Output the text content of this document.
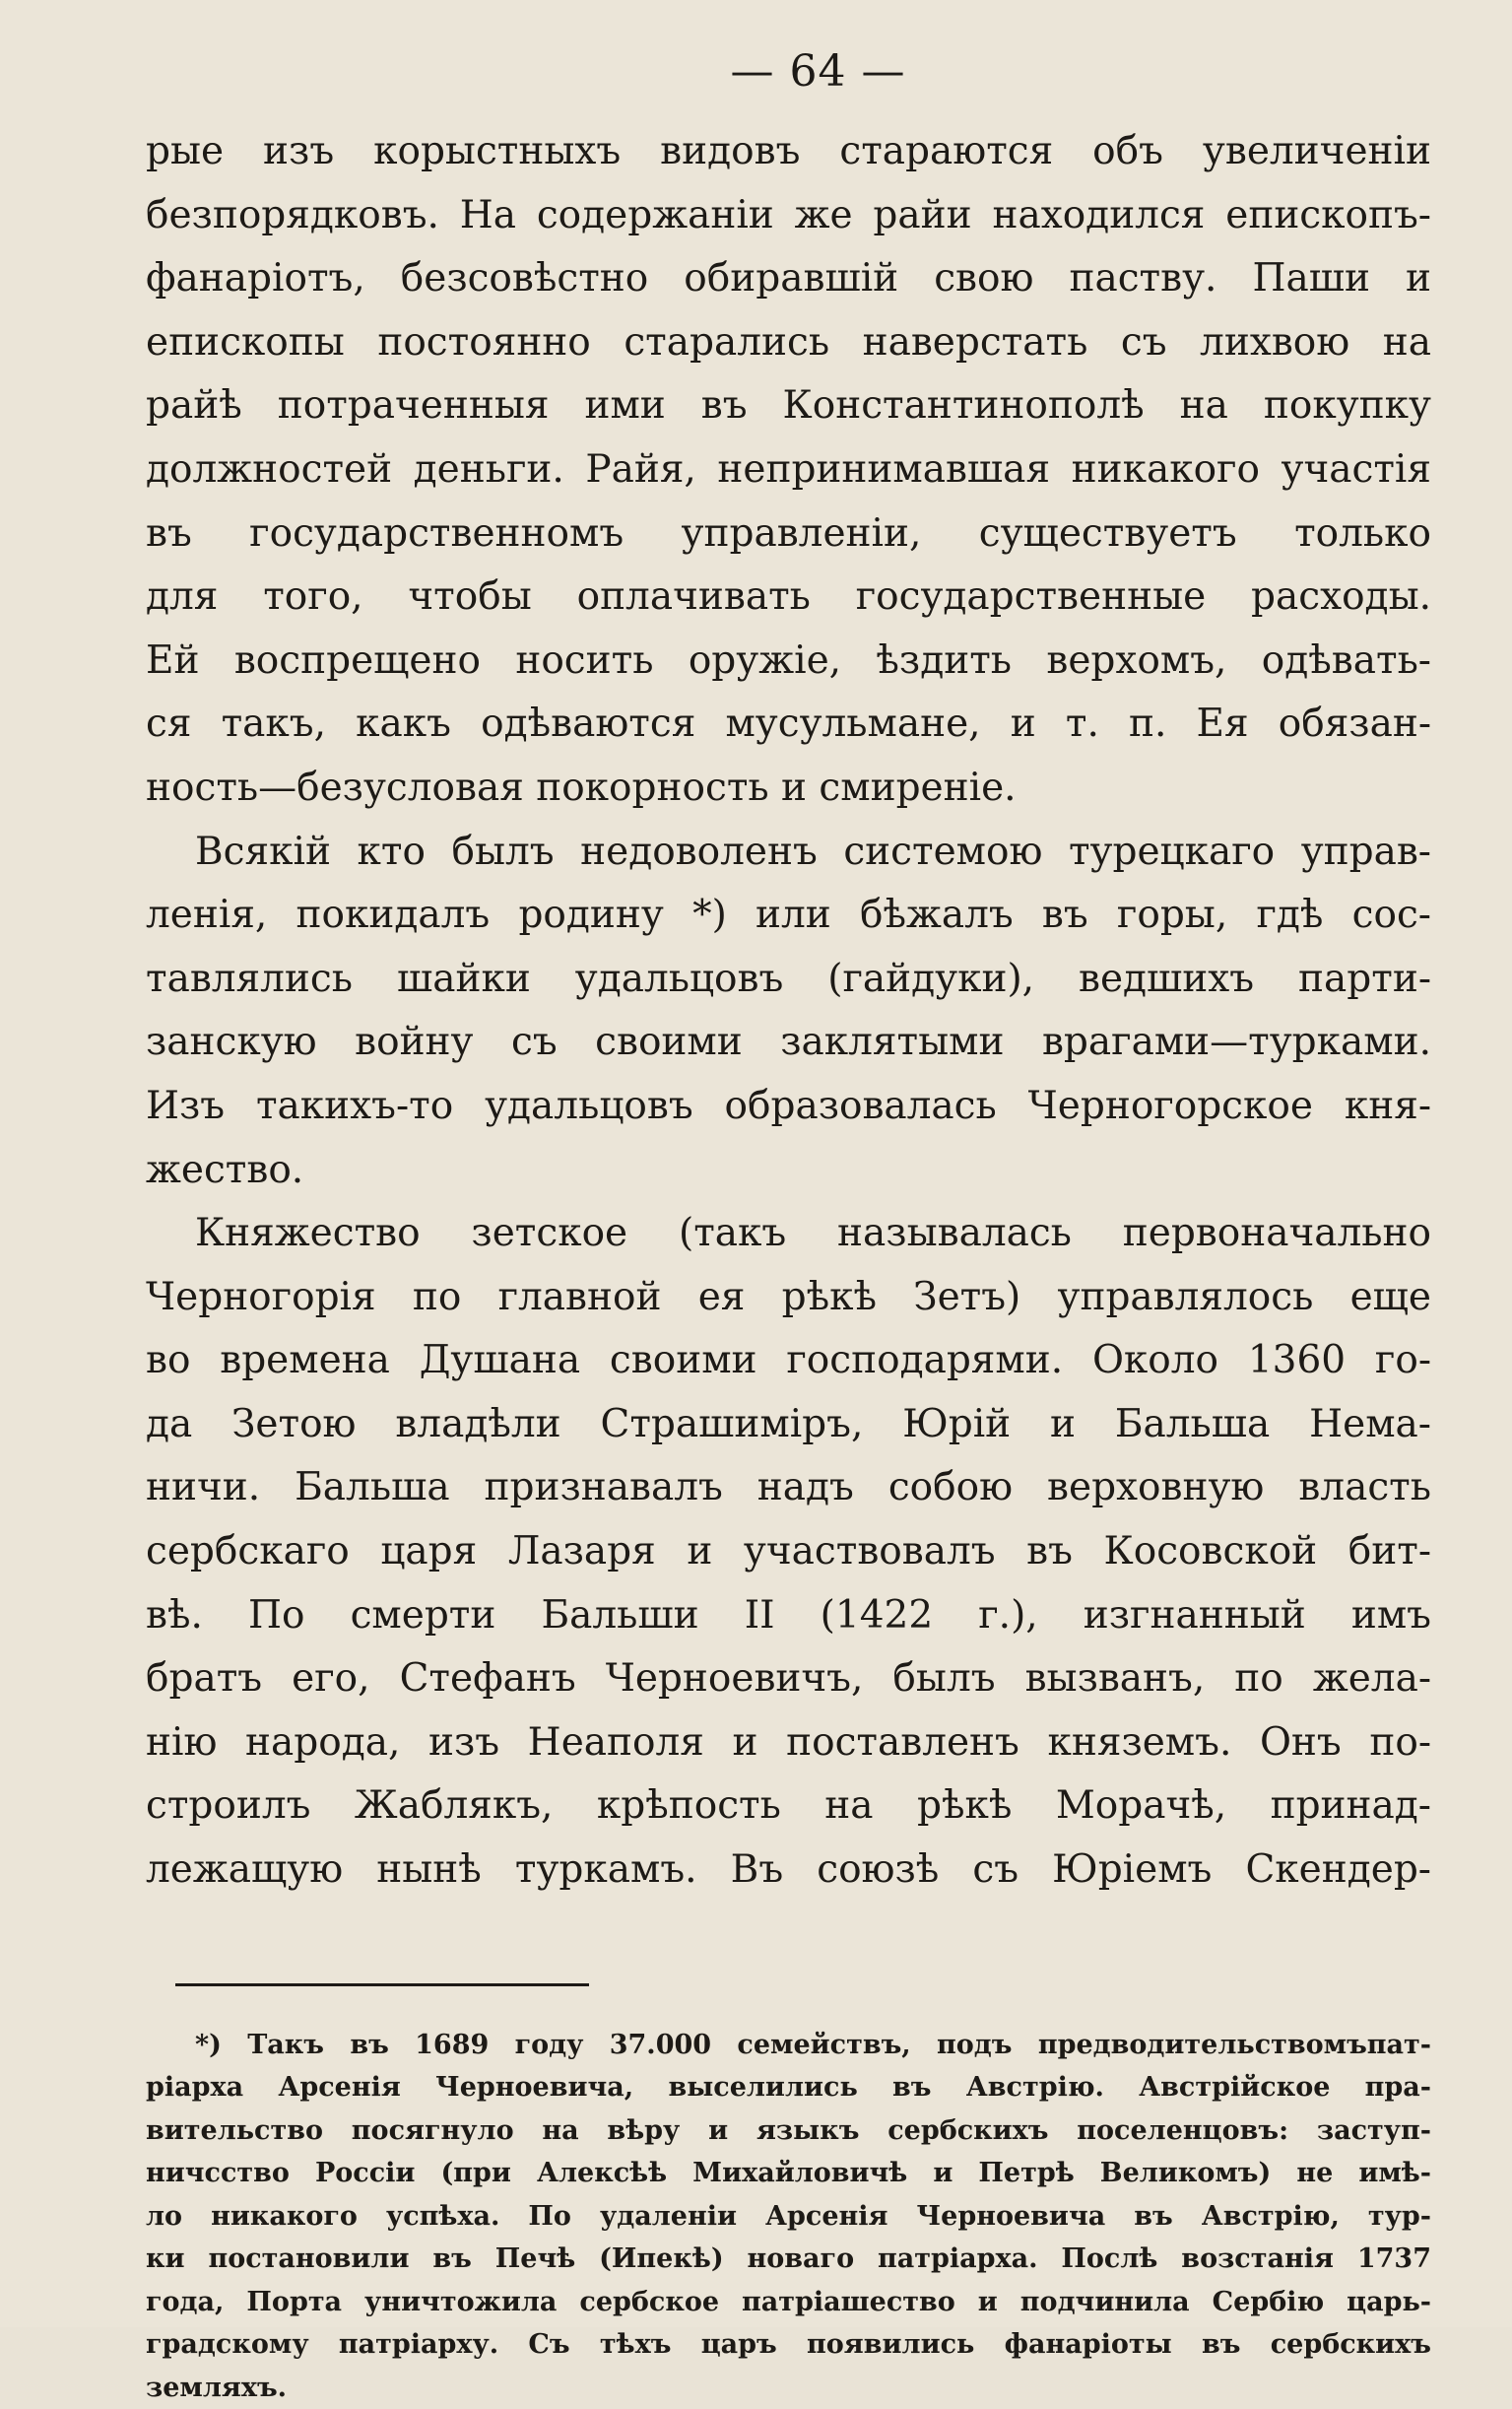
— 64 —
рые изъ корыстныхъ видовъ стараются объ увеличенiи
безпорядковъ. На содержанiи же райи находился епископъ-
фанарiотъ, безсовѣстно обиравшiй свою паству. Паши и
епископы постоянно старались наверстать съ лихвою на
райѣ потраченныя ими въ Константинополѣ на покупку
должностей деньги. Райя, непринимавшая никакого участiя
въ государственномъ управленiи, существуетъ только
для того, чтобы оплачивать государственные расходы.
Ей воспрещено носить оружiе, ѣздить верхомъ, одѣвать-
ся такъ, какъ одѣваются мусульмане, и т. п. Ея обязан-
ность—безусловая покорность и смиренiе.
Всякiй кто былъ недоволенъ системою турецкаго управ-
ленiя, покидалъ родину *) или бѣжалъ въ горы, гдѣ сос-
тавлялись шайки удальцовъ (гайдуки), ведшихъ парти-
занскую войну съ своими заклятыми врагами—турками.
Изъ такихъ-то удальцовъ образовалась Черногорское кня-
жество.
Княжество зетское (такъ называлась первоначально
Черногорiя по главной ея рѣкѣ Зетъ) управлялось еще
во времена Душана своими господарями. Около 1360 го-
да Зетою владѣли Страшимiръ, Юрiй и Бальша Нема-
ничи. Бальша признавалъ надъ собою верховную власть
сербскаго царя Лазаря и участвовалъ въ Косовской бит-
вѣ. По смерти Бальши II (1422 г.), изгнанный имъ
братъ его, Стефанъ Черноевичъ, былъ вызванъ, по жела-
нiю народа, изъ Неаполя и поставленъ княземъ. Онъ по-
строилъ Жаблякъ, крѣпость на рѣкѣ Морачѣ, принад-
лежащую нынѣ туркамъ. Въ союзѣ съ Юрiемъ Скендер-
*) Такъ въ 1689 году 37.000 семействъ, подъ предводительствомъпат-
рiарха Арсенiя Черноевича, выселились въ Австрiю. Австрiйское пра-
вительство посягнуло на вѣру и языкъ сербскихъ поселенцовъ: заступ-
ничсство Россiи (при Алексѣѣ Михайловичѣ и Петрѣ Великомъ) не имѣ-
ло никакого успѣха. По удаленiи Арсенiя Черноевича въ Австрiю, тур-
ки постановили въ Печѣ (Ипекѣ) новаго патрiарха. Послѣ возстанiя 1737
года, Порта уничтожила сербское патрiашество и подчинила Сербiю царь-
градскому патрiарху. Съ тѣхъ царъ появились фанарiоты въ сербскихъ
земляхъ.
